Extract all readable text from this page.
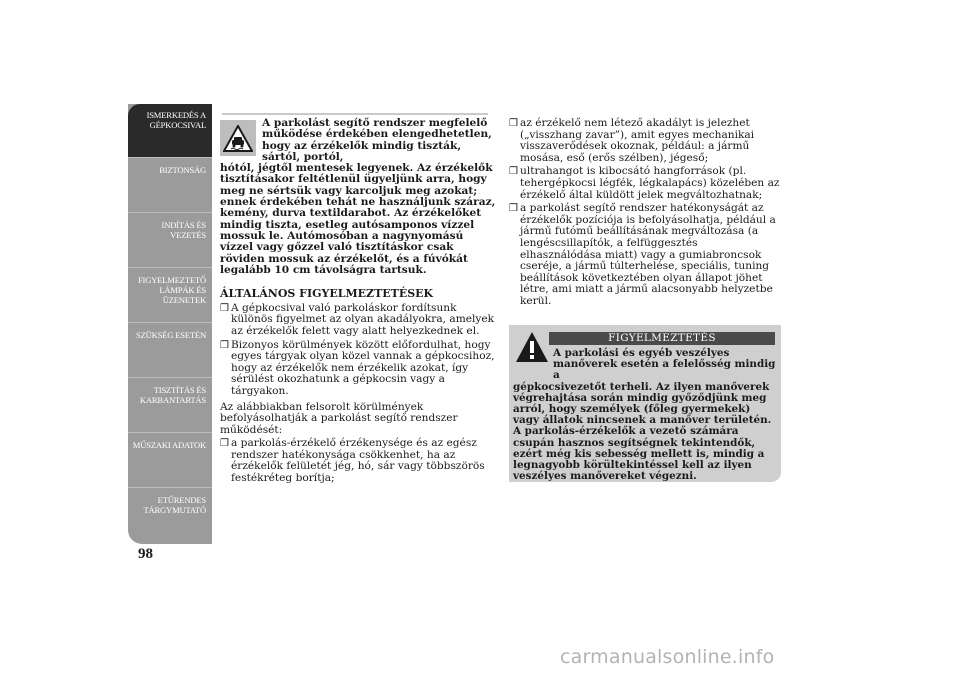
ISMERKEDÉS A
GÉPKOCSIVAL
BIZTONSÁG
INDÍTÁS ÉS
VEZETÉS
FIGYELMEZTETŐ
LÁMPÁK ÉS
ÜZENETEK
SZÜKSÉG ESETÉN
TISZTÍTÁS ÉS
KARBANTARTÁS
MŰSZAKI ADATOK
ETŰRENDES
TÁRGYMUTATÓ
98
A parkolást segítő rendszer megfelelő működése érdekében elengedhetetlen, hogy az érzékelők mindig tiszták, sártól, portól,
hótól, jégtől mentesek legyenek. Az érzékelők tisztításakor feltétlenül ügyeljünk arra, hogy meg ne sértsük vagy karcoljuk meg azokat; ennek érdekében tehát ne használjunk száraz, kemény, durva textildarabot. Az érzékelőket mindig tiszta, esetleg autósamponos vízzel mossuk le. Autómosóban a nagynyomású vízzel vagy gőzzel való tisztításkor csak röviden mossuk az érzékelőt, és a fúvókát legalább 10 cm távolságra tartsuk.
ÁLTALÁNOS FIGYELMEZTETÉSEK
❒ A gépkocsival való parkoláskor fordítsunk különös figyelmet az olyan akadályokra, amelyek az érzékelők felett vagy alatt helyezkednek el.
❒ Bizonyos körülmények között előfordulhat, hogy egyes tárgyak olyan közel vannak a gépkocsihoz, hogy az érzékelők nem érzékelik azokat, így sérülést okozhatunk a gépkocsin vagy a tárgyakon.
Az alábbiakban felsorolt körülmények befolyásolhatják a parkolást segítő rendszer működését:
❒ a parkolás-érzékelő érzékenysége és az egész rendszer hatékonysága csökkenhet, ha az érzékelők felületét jég, hó, sár vagy többszörös festékréteg borítja;
❒ az érzékelő nem létező akadályt is jelezhet („visszhang zavar”), amit egyes mechanikai visszaverődések okoznak, például: a jármű mosása, eső (erős szélben), jégeső;
❒ ultrahangot is kibocsátó hangforrások (pl. tehergépkocsi légfék, légkalapács) közelében az érzékelő által küldött jelek megváltozhatnak;
❒ a parkolást segítő rendszer hatékonyságát az érzékelők pozíciója is befolyásolhatja, például a jármű futómű beállításának megváltozása (a lengéscsillapítók, a felfüggesztés elhasználódása miatt) vagy a gumiabroncsok cseréje, a jármű túlterhelése, speciális, tuning beállítások következtében olyan állapot jöhet létre, ami miatt a jármű alacsonyabb helyzetbe kerül.
FIGYELMEZTETÉS
A parkolási és egyéb veszélyes manőverek esetén a felelősség mindig a
gépkocsivezetőt terheli. Az ilyen manőverek végrehajtása során mindig győződjünk meg arról, hogy személyek (főleg gyermekek) vagy állatok nincsenek a manőver területén. A parkolás-érzékelők a vezető számára csupán hasznos segítségnek tekintendők, ezért még kis sebesség mellett is, mindig a legnagyobb körültekintéssel kell az ilyen veszélyes manővereket végezni.
carmanualsonline.info
